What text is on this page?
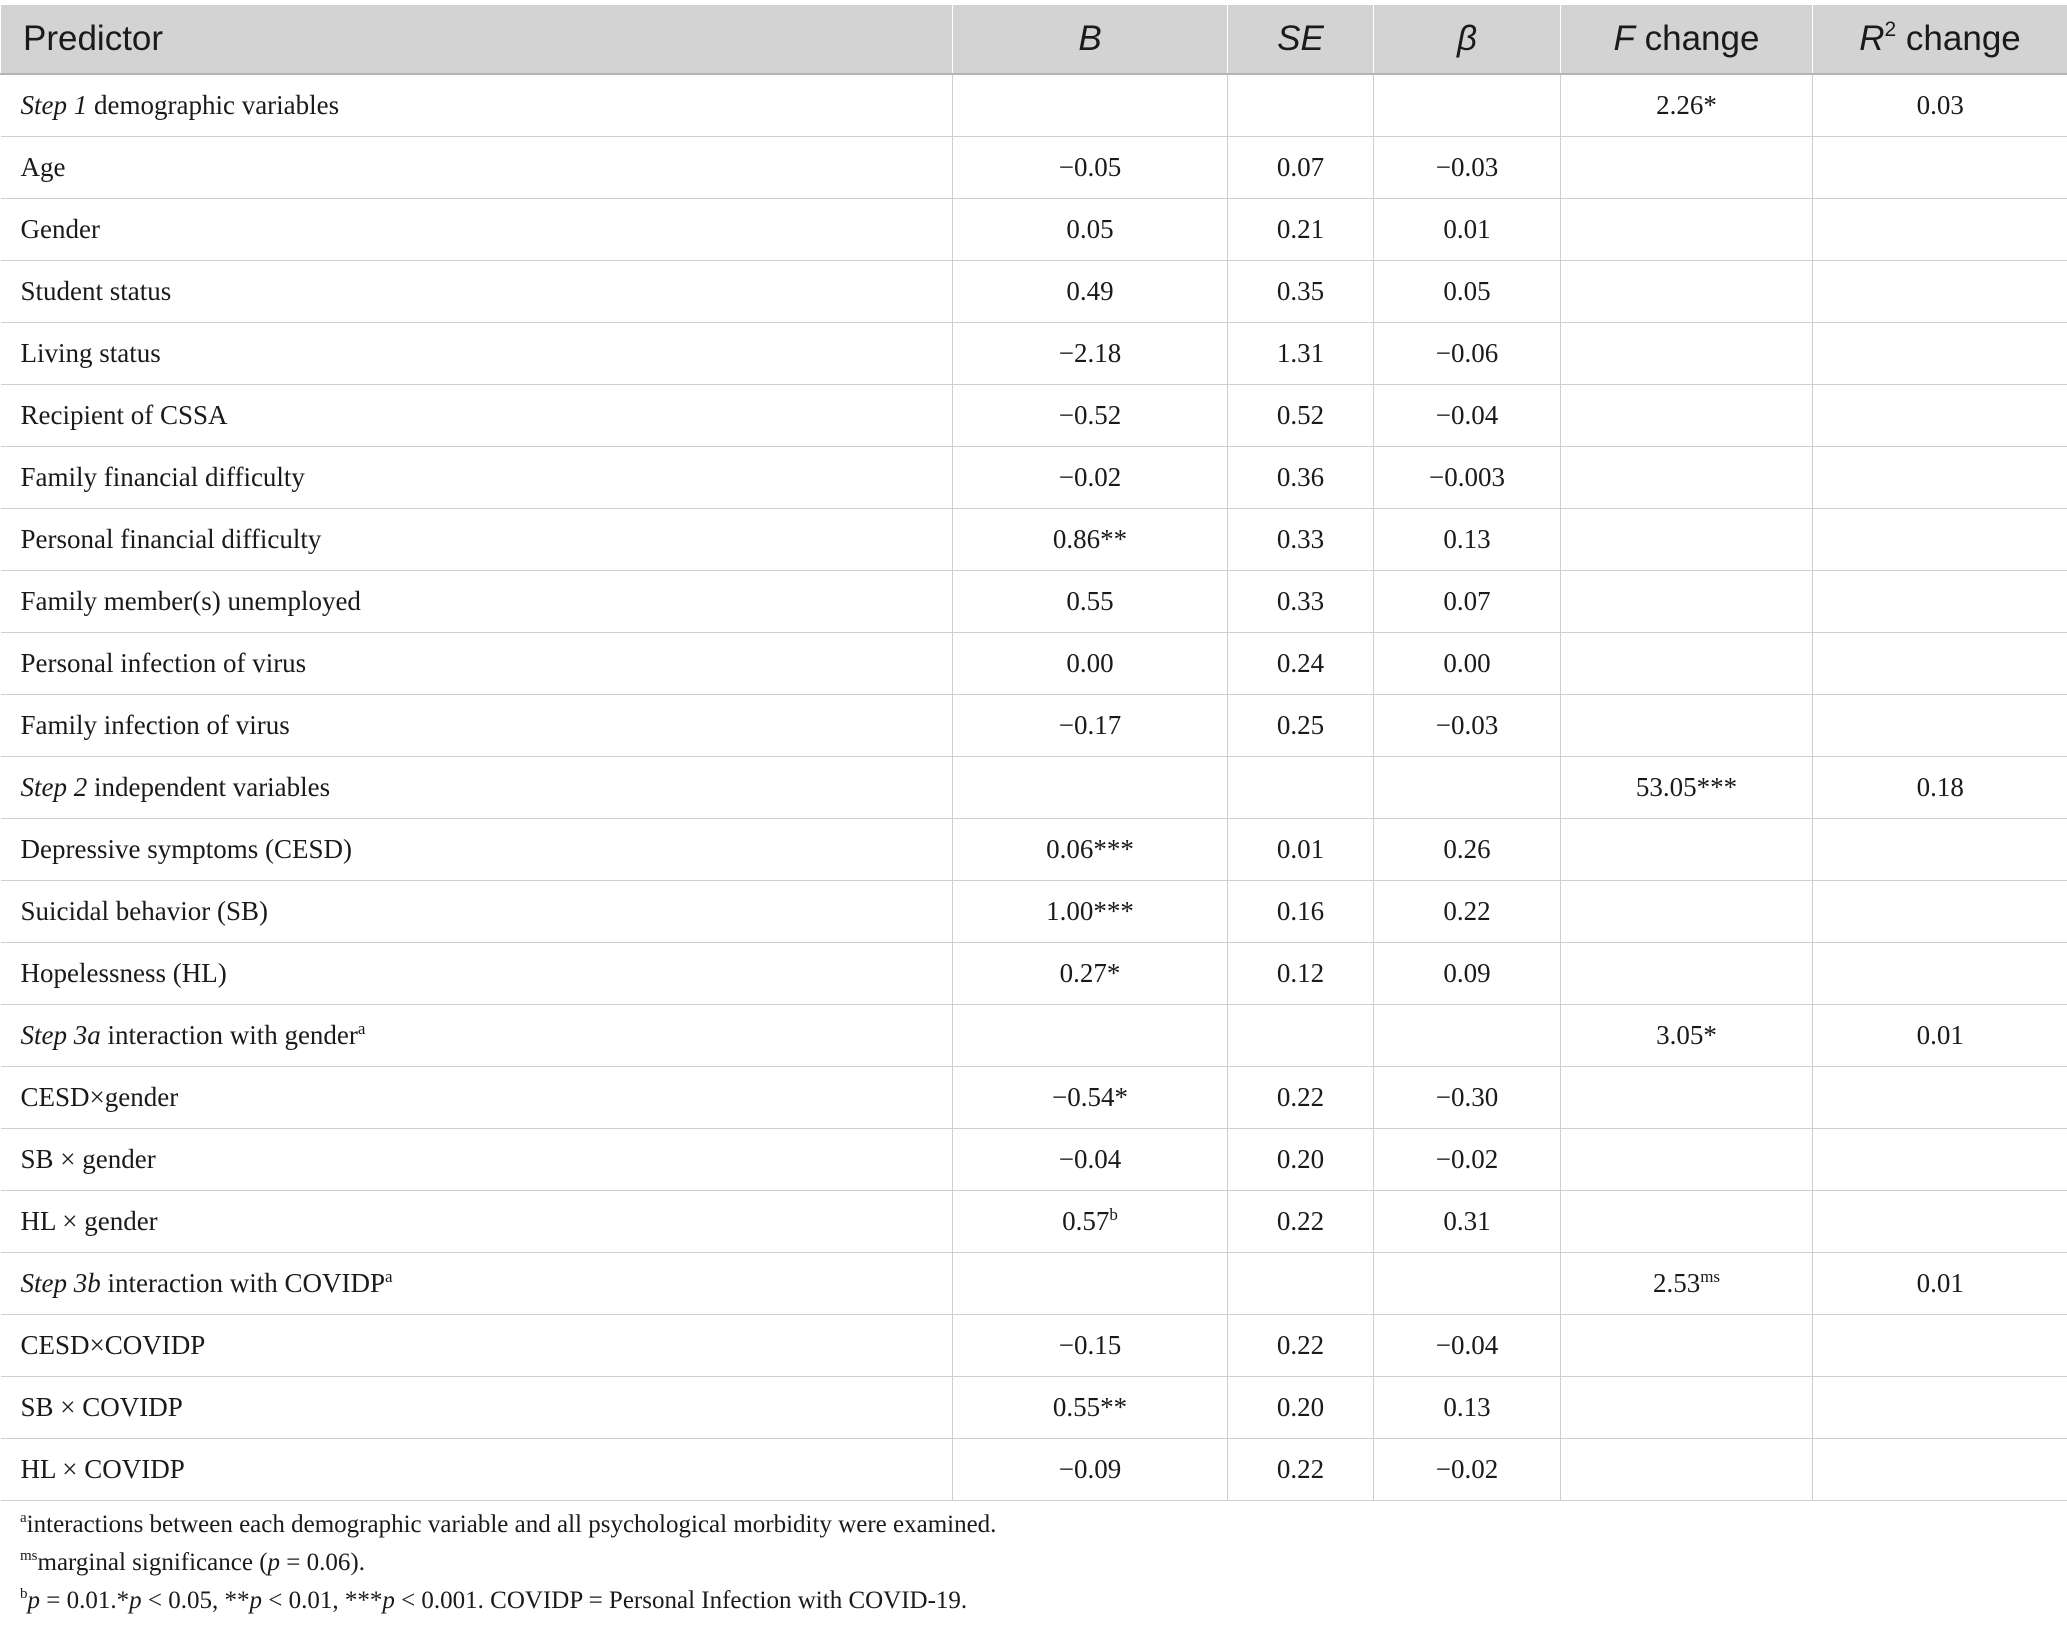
Predictor	B	SE	β	F change	$R^2$ change
Step 1 demographic variables				2.26*	0.03
Age	−0.05	0.07	−0.03		
Gender	0.05	0.21	0.01		
Student status	0.49	0.35	0.05		
Living status	−2.18	1.31	−0.06		
Recipient of CSSA	−0.52	0.52	−0.04		
Family financial difficulty	−0.02	0.36	−0.003		
Personal financial difficulty	0.86**	0.33	0.13		
Family member(s) unemployed	0.55	0.33	0.07		
Personal infection of virus	0.00	0.24	0.00		
Family infection of virus	−0.17	0.25	−0.03		
Step 2 independent variables				53.05***	0.18
Depressive symptoms (CESD)	0.06***	0.01	0.26		
Suicidal behavior (SB)	1.00***	0.16	0.22		
Hopelessness (HL)	0.27*	0.12	0.09		
Step 3a interaction with gender$^a$				3.05*	0.01
CESD×gender	−0.54*	0.22	−0.30		
SB × gender	−0.04	0.20	−0.02		
HL × gender	0.57$^b$	0.22	0.31		
Step 3b interaction with COVIDP$^a$				$2.53^{ms}$	0.01
CESD×COVIDP	−0.15	0.22	−0.04		
SB × COVIDP	0.55**	0.20	0.13		
HL × COVIDP	−0.09	0.22	−0.02		
$^a$interactions between each demographic variable and all psychological morbidity were examined.
$^{ms}$marginal significance (p = 0.06).
$^b$p = 0.01.*p < 0.05, **p < 0.01, ***p < 0.001. COVIDP = Personal Infection with COVID-19.
